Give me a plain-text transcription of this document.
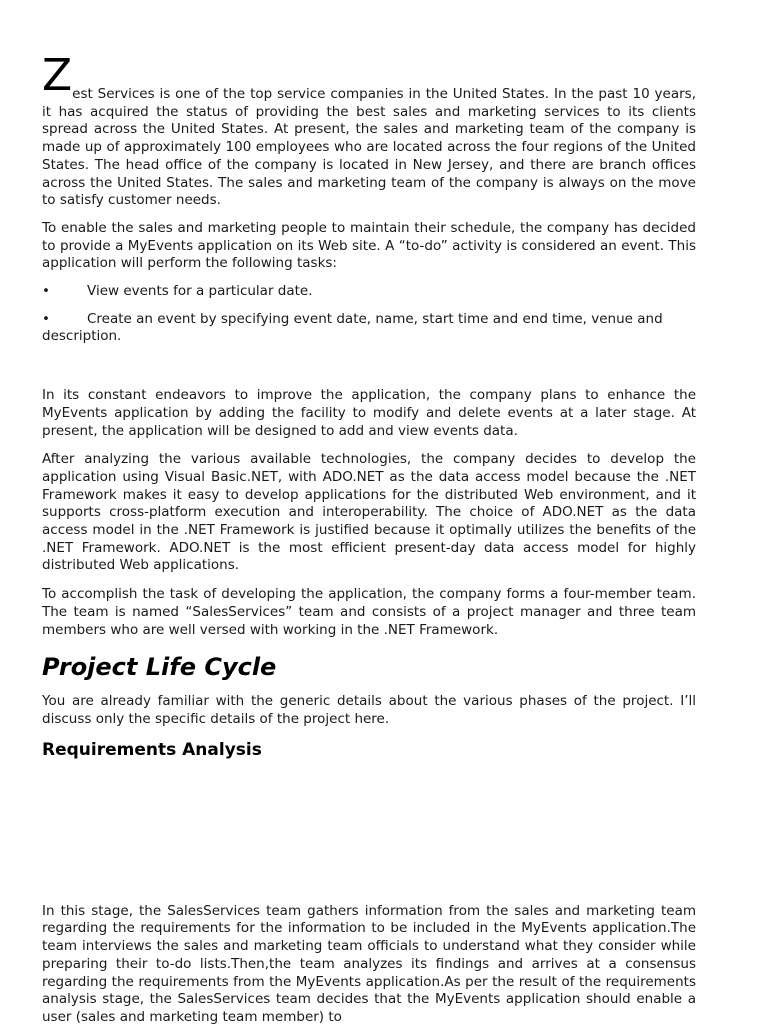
Z est Services is one of the top service companies in the United States. In the past 10 years, it has acquired the status of providing the best sales and marketing services to its clients spread across the United States. At present, the sales and marketing team of the company is made up of approximately 100 employees who are located across the four regions of the United States. The head office of the company is located in New Jersey, and there are branch offices across the United States. The sales and marketing team of the company is always on the move to satisfy customer needs.

To enable the sales and marketing people to maintain their schedule, the company has decided to provide a MyEvents application on its Web site. A “to-do” activity is considered an event. This application will perform the following tasks:

•	View events for a particular date.

•	Create an event by specifying event date, name, start time and end time, venue and description.

In its constant endeavors to improve the application, the company plans to enhance the MyEvents application by adding the facility to modify and delete events at a later stage. At present, the application will be designed to add and view events data.

After analyzing the various available technologies, the company decides to develop the application using Visual Basic.NET, with ADO.NET as the data access model because the .NET Framework makes it easy to develop applications for the distributed Web environment, and it supports cross-platform execution and interoperability. The choice of ADO.NET as the data access model in the .NET Framework is justified because it optimally utilizes the benefits of the .NET Framework. ADO.NET is the most efficient present-day data access model for highly distributed Web applications.

To accomplish the task of developing the application, the company forms a four-member team. The team is named “SalesServices” team and consists of a project manager and three team members who are well versed with working in the .NET Framework.

Project Life Cycle

You are already familiar with the generic details about the various phases of the project. I’ll discuss only the specific details of the project here.

Requirements Analysis

In this stage, the SalesServices team gathers information from the sales and marketing team regarding the requirements for the information to be included in the MyEvents application.The team interviews the sales and marketing team officials to understand what they consider while preparing their to-do lists.Then,the team analyzes its findings and arrives at a consensus regarding the requirements from the MyEvents application.As per the result of the requirements analysis stage, the SalesServices team decides that the MyEvents application should enable a user (sales and marketing team member) to
